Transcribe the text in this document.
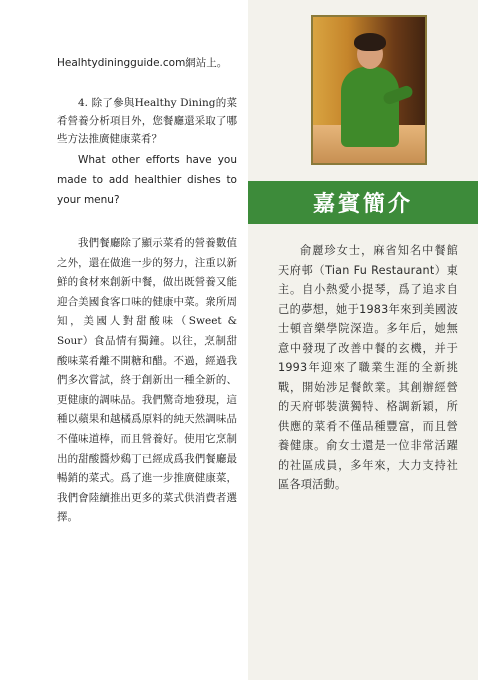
Healhtydiningguide.com網站上。
4. 除了參與Healthy Dining的菜肴營養分析項目外，您餐廳還采取了哪些方法推廣健康菜肴？
What other efforts have you made to add healthier dishes to your menu?
我們餐廳除了顯示菜肴的營養數值之外，還在做進一步的努力，注重以新鮮的食材來創新中餐，做出既營養又能迎合美國食客口味的健康中菜。衆所周知，美國人對甜酸味（Sweet & Sour）食品情有獨鐘。以往，烹制甜酸味菜肴離不開糖和醋。不過，經過我們多次嘗試，終于創新出一種全新的、更健康的調味品。我們驚奇地發現，這種以蘋果和越橘爲原料的純天然調味品不僅味道棒，而且營養好。使用它烹制出的甜酸醬炒鷄丁已經成爲我們餐廳最暢銷的菜式。爲了進一步推廣健康菜，我們會陸續推出更多的菜式供消費者選擇。
嘉賓簡介
俞麗珍女士，麻省知名中餐館天府邨（Tian Fu Restaurant）東主。自小熱愛小提琴，爲了追求自己的夢想，她于1983年來到美國波士頓音樂學院深造。多年后，她無意中發現了改善中餐的玄機，并于1993年迎來了職業生涯的全新挑戰，開始涉足餐飲業。其創辦經營的天府邨裝潢獨特、格調新穎，所供應的菜肴不僅品種豐富，而且營養健康。俞女士還是一位非常活躍的社區成員，多年來，大力支持社區各項活動。
